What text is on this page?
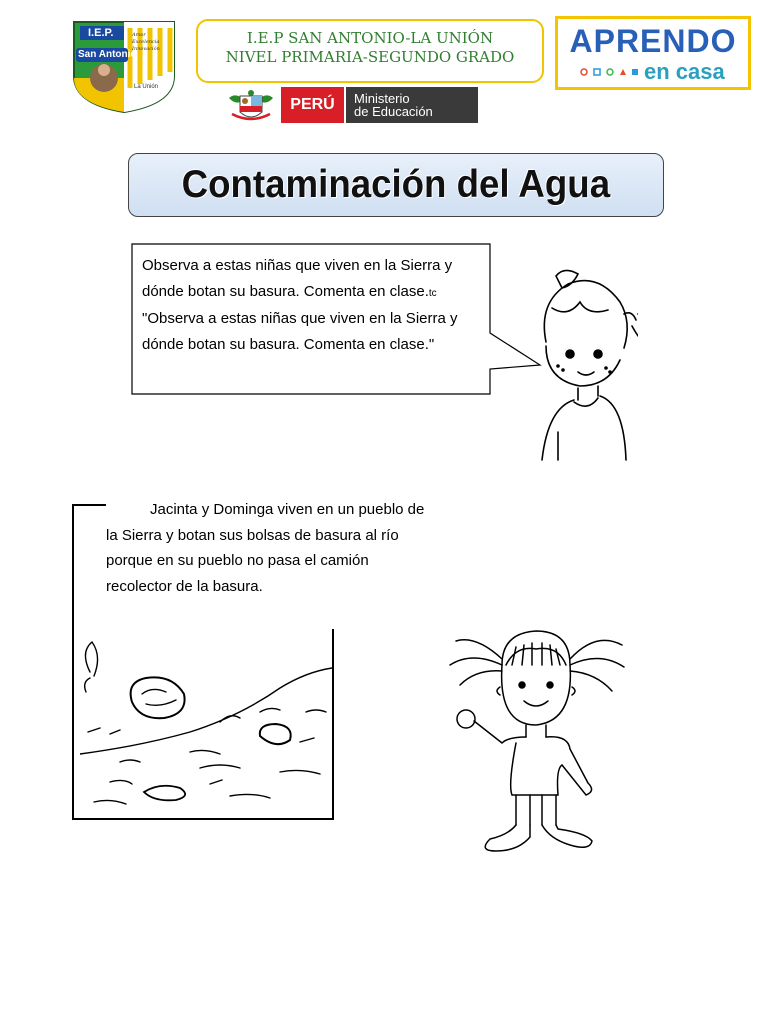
I.E.P.
San Antonio
Amor Excelencia Innovación
La Unión
I.E.P SAN ANTONIO-LA UNIÓN
NIVEL PRIMARIA-SEGUNDO GRADO	APRENDO
en casa
PERÚ	Ministerio
de Educación
Contaminación del Agua
Observa a estas niñas que viven en la Sierra y dónde botan su basura. Comenta en clase.tc "Observa a estas niñas que viven en la Sierra y dónde botan su basura. Comenta en clase."
Jacinta y Dominga viven en un pueblo de la Sierra y botan sus bolsas de basura al río porque en su pueblo no pasa el camión recolector de la basura.
